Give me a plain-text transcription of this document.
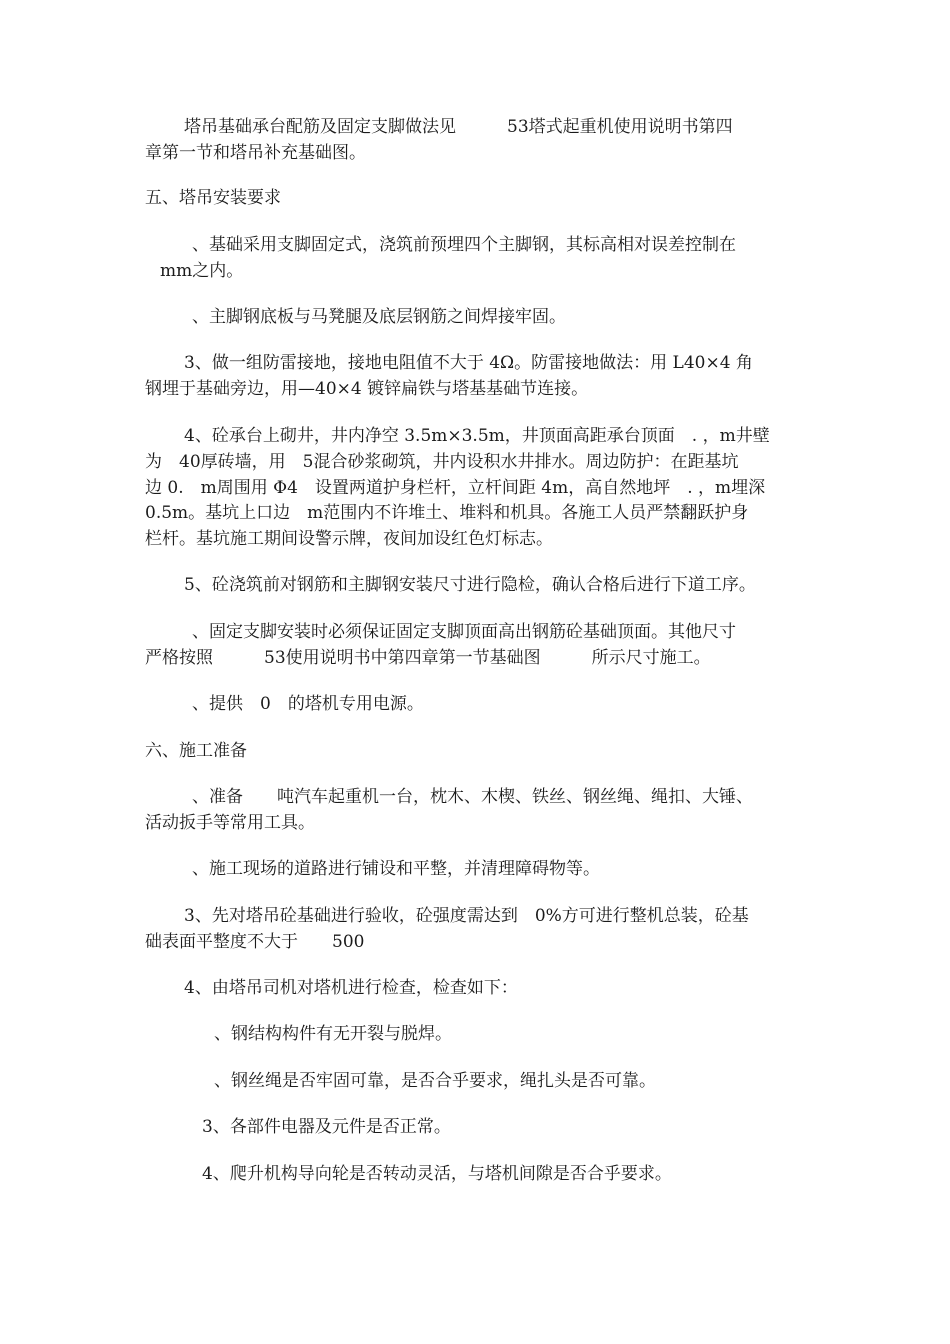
塔吊基础承台配筋及固定支脚做法见　　　53塔式起重机使用说明书第四
章第一节和塔吊补充基础图。
五、塔吊安装要求
、基础采用支脚固定式，浇筑前预埋四个主脚钢，其标高相对误差控制在
mm之内。
、主脚钢底板与马凳腿及底层钢筋之间焊接牢固。
3、做一组防雷接地，接地电阻值不大于 4Ω。防雷接地做法：用 L40×4 角
钢埋于基础旁边，用—40×4 镀锌扁铁与塔基基础节连接。
4、砼承台上砌井，井内净空 3.5m×3.5m，井顶面高距承台顶面　. ，m井壁
为　40厚砖墙，用　5混合砂浆砌筑，井内设积水井排水。周边防护：在距基坑
边 0.　m周围用 Φ4　设置两道护身栏杆，立杆间距 4m，高自然地坪　. ，m埋深
0.5m。基坑上口边　m范围内不许堆土、堆料和机具。各施工人员严禁翻跃护身
栏杆。基坑施工期间设警示牌，夜间加设红色灯标志。
5、砼浇筑前对钢筋和主脚钢安装尺寸进行隐检，确认合格后进行下道工序。
、固定支脚安装时必须保证固定支脚顶面高出钢筋砼基础顶面。其他尺寸
严格按照　　　53使用说明书中第四章第一节基础图　　　所示尺寸施工。
、提供　0　的塔机专用电源。
六、施工准备
、准备　　吨汽车起重机一台，枕木、木楔、铁丝、钢丝绳、绳扣、大锤、
活动扳手等常用工具。
、施工现场的道路进行铺设和平整，并清理障碍物等。
3、先对塔吊砼基础进行验收，砼强度需达到　0%方可进行整机总装，砼基
础表面平整度不大于　　500
4、由塔吊司机对塔机进行检查，检查如下：
、钢结构构件有无开裂与脱焊。
、钢丝绳是否牢固可靠，是否合乎要求，绳扎头是否可靠。
3、各部件电器及元件是否正常。
4、爬升机构导向轮是否转动灵活，与塔机间隙是否合乎要求。
